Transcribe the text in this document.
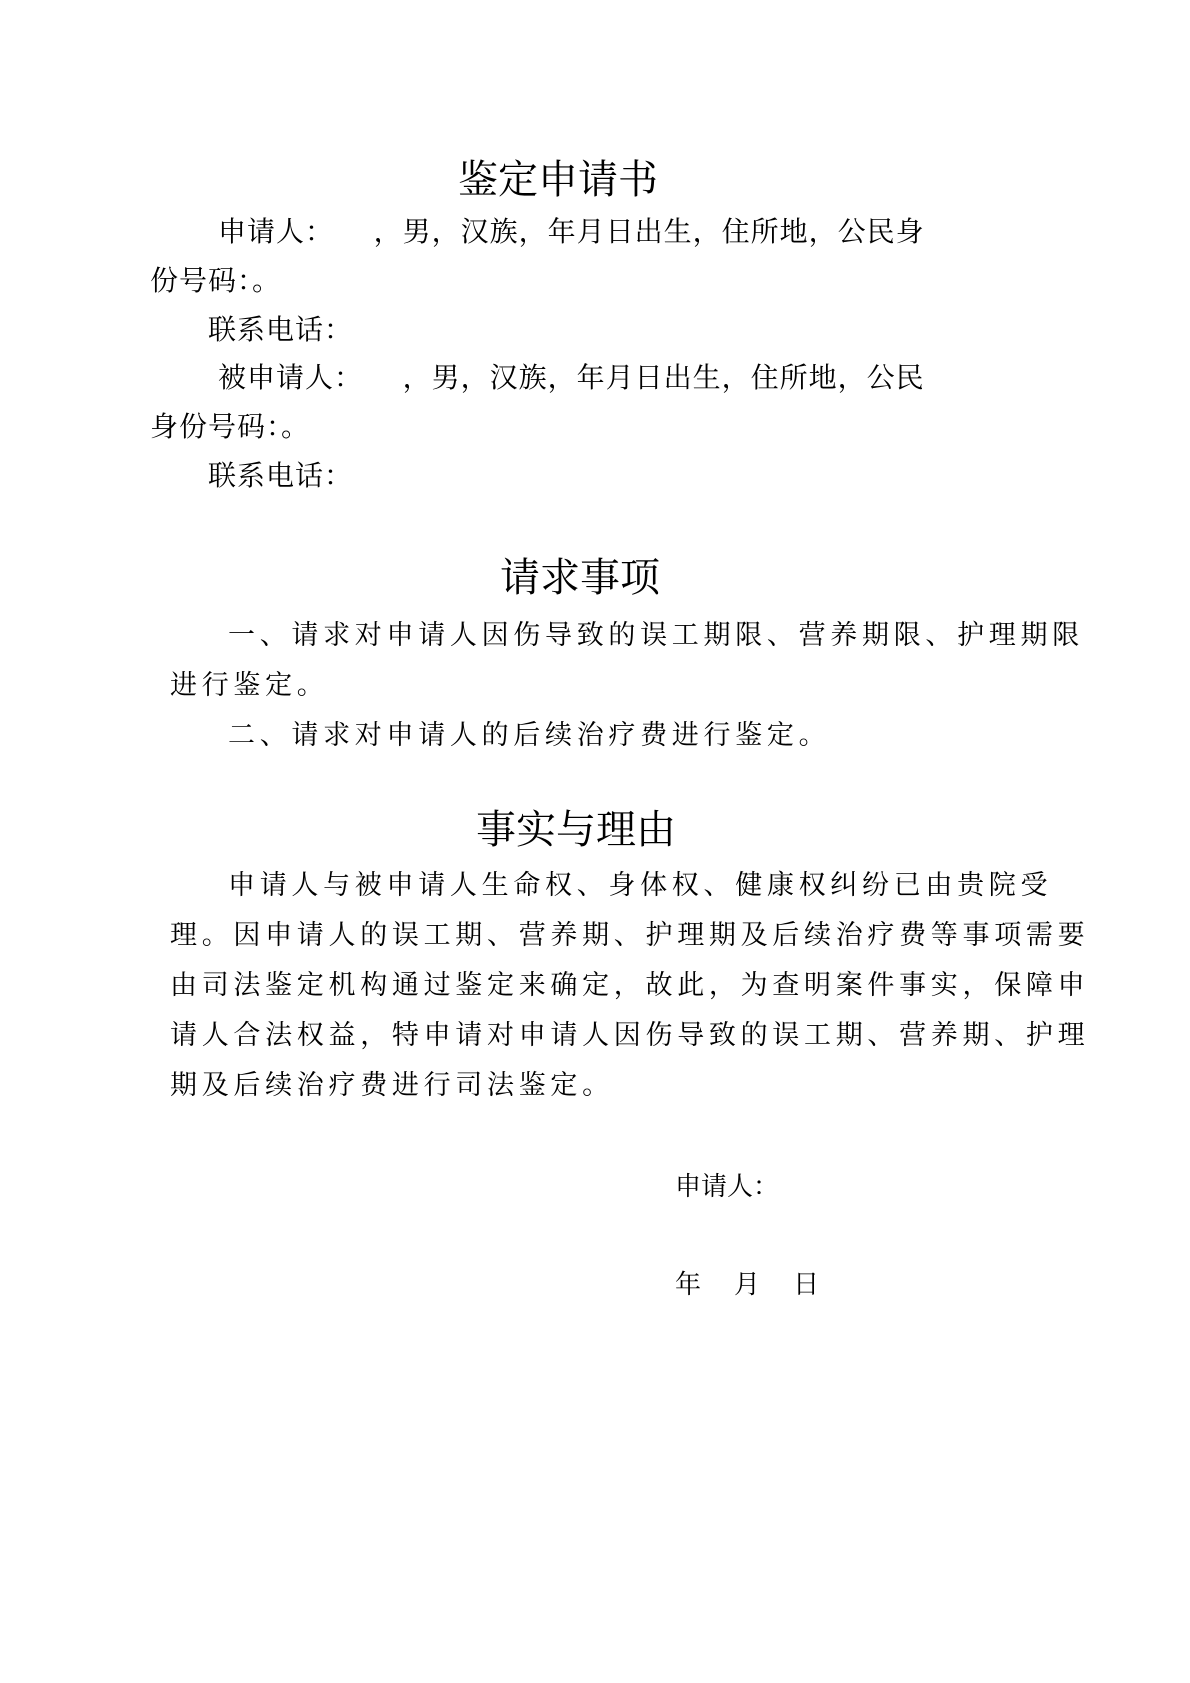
鉴定申请书
申请人：    ，男，汉族，年月日出生，住所地，公民身
份号码：。
联系电话：
被申请人：    ，男，汉族，年月日出生，住所地，公民
身份号码：。
联系电话：
请求事项
一、请求对申请人因伤导致的误工期限、营养期限、护理期限
进行鉴定。
二、请求对申请人的后续治疗费进行鉴定。
事实与理由
申请人与被申请人生命权、身体权、健康权纠纷已由贵院受
理。因申请人的误工期、营养期、护理期及后续治疗费等事项需要
由司法鉴定机构通过鉴定来确定，故此，为查明案件事实，保障申
请人合法权益，特申请对申请人因伤导致的误工期、营养期、护理
期及后续治疗费进行司法鉴定。
申请人：
年    月    日
